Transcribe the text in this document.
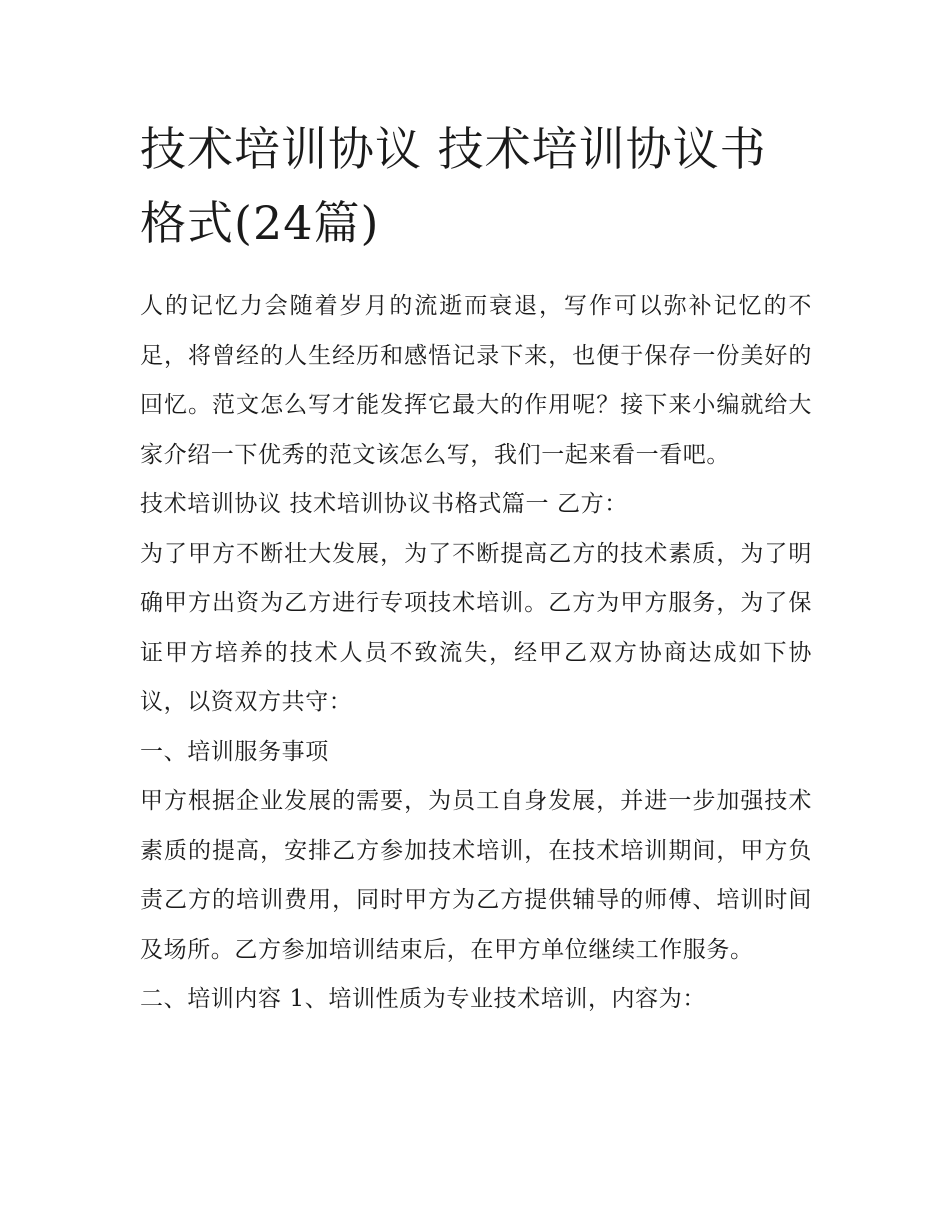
技术培训协议 技术培训协议书格式(24篇)

人的记忆力会随着岁月的流逝而衰退，写作可以弥补记忆的不足，将曾经的人生经历和感悟记录下来，也便于保存一份美好的回忆。范文怎么写才能发挥它最大的作用呢？接下来小编就给大家介绍一下优秀的范文该怎么写，我们一起来看一看吧。

技术培训协议 技术培训协议书格式篇一 乙方：

为了甲方不断壮大发展，为了不断提高乙方的技术素质，为了明确甲方出资为乙方进行专项技术培训。乙方为甲方服务，为了保证甲方培养的技术人员不致流失，经甲乙双方协商达成如下协议，以资双方共守：

一、培训服务事项

甲方根据企业发展的需要，为员工自身发展，并进一步加强技术素质的提高，安排乙方参加技术培训，在技术培训期间，甲方负责乙方的培训费用，同时甲方为乙方提供辅导的师傅、培训时间及场所。乙方参加培训结束后，在甲方单位继续工作服务。

二、培训内容 1、培训性质为专业技术培训，内容为：
